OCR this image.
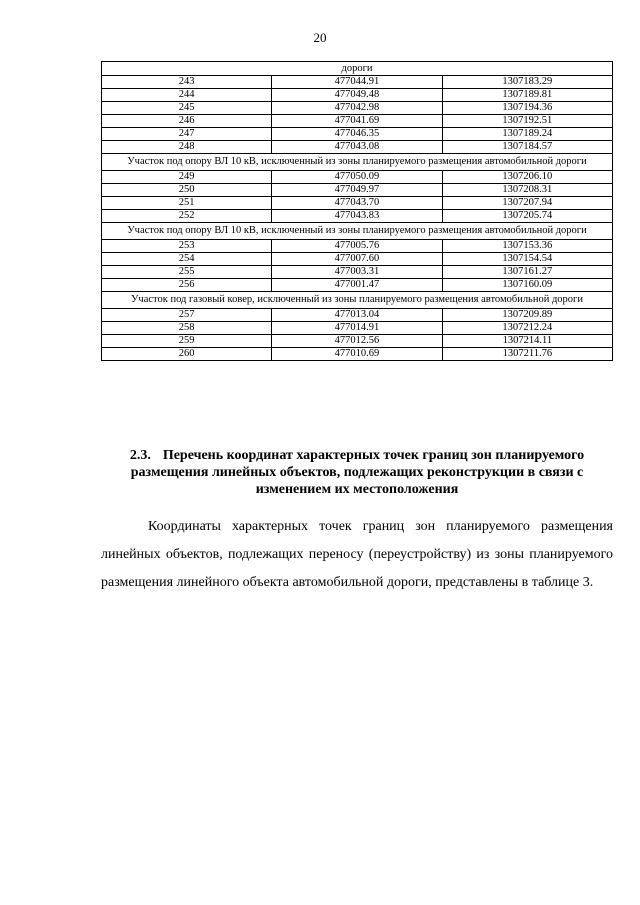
20
дороги		
243	477044.91	1307183.29
244	477049.48	1307189.81
245	477042.98	1307194.36
246	477041.69	1307192.51
247	477046.35	1307189.24
248	477043.08	1307184.57
Участок под опору ВЛ 10 кВ, исключенный из зоны планируемого размещения автомобильной дороги		
249	477050.09	1307206.10
250	477049.97	1307208.31
251	477043.70	1307207.94
252	477043.83	1307205.74
Участок под опору ВЛ 10 кВ, исключенный из зоны планируемого размещения автомобильной дороги		
253	477005.76	1307153.36
254	477007.60	1307154.54
255	477003.31	1307161.27
256	477001.47	1307160.09
Участок под газовый ковер, исключенный из зоны планируемого размещения автомобильной дороги		
257	477013.04	1307209.89
258	477014.91	1307212.24
259	477012.56	1307214.11
260	477010.69	1307211.76
2.3. Перечень координат характерных точек границ зон планируемого размещения линейных объектов, подлежащих реконструкции в связи с изменением их местоположения
Координаты характерных точек границ зон планируемого размещения линейных объектов, подлежащих переносу (переустройству) из зоны планируемого размещения линейного объекта автомобильной дороги, представлены в таблице 3.
